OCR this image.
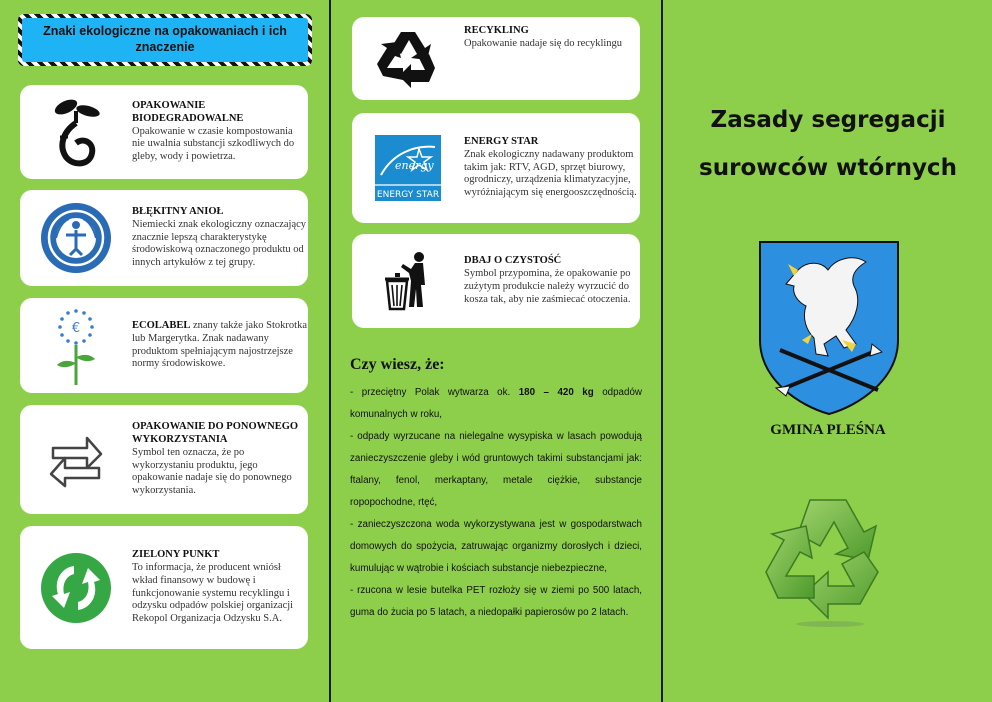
Znaki ekologiczne na opakowaniach i ich znaczenie
OPAKOWANIE BIODEGRADOWALNE
Opakowanie w czasie kompostowania nie uwalnia substancji szkodliwych do gleby, wody i powietrza.
BŁĘKITNY ANIOŁ
Niemiecki znak ekologiczny oznaczający znacznie lepszą charakterystykę środowiskową oznaczonego produktu od innych artykułów z tej grupy.
€	ECOLABEL znany także jako Stokrotka lub Margerytka. Znak nadawany produktom spełniającym najostrzejsze normy środowiskowe.
OPAKOWANIE DO PONOWNEGO WYKORZYSTANIA
Symbol ten oznacza, że po wykorzystaniu produktu, jego opakowanie nadaje się do ponownego wykorzystania.
ZIELONY PUNKT
To informacja, że producent wniósł wkład finansowy w budowę i funkcjonowanie systemu recyklingu i odzysku odpadów polskiej organizacji Rekopol Organizacja Odzysku S.A.
RECYKLING
Opakowanie nadaje się do recyklingu
energy
ENERGY STAR
ENERGY STAR
Znak ekologiczny nadawany produktom takim jak: RTV, AGD, sprzęt biurowy, ogrodniczy, urządzenia klimatyzacyjne, wyróżniającym się energooszczędnością.
DBAJ O CZYSTOŚĆ
Symbol przypomina, że opakowanie po zużytym produkcie należy wyrzucić do kosza tak, aby nie zaśmiecać otoczenia.
Czy wiesz, że:
- przeciętny Polak wytwarza ok. 180 – 420 kg odpadów komunalnych w roku,
- odpady wyrzucane na nielegalne wysypiska w lasach powodują zanieczyszczenie gleby i wód gruntowych takimi substancjami jak: ftalany, fenol, merkaptany, metale ciężkie, substancje ropopochodne, rtęć,
- zanieczyszczona woda wykorzystywana jest w gospodarstwach domowych do spożycia, zatruwając organizmy dorosłych i dzieci, kumulując w wątrobie i kościach substancje niebezpieczne,
- rzucona w lesie butelka PET rozłoży się w ziemi po 500 latach, guma do żucia po 5 latach, a niedopałki papierosów po 2 latach.
Zasady segregacji
surowców wtórnych
GMINA PLEŚNA
